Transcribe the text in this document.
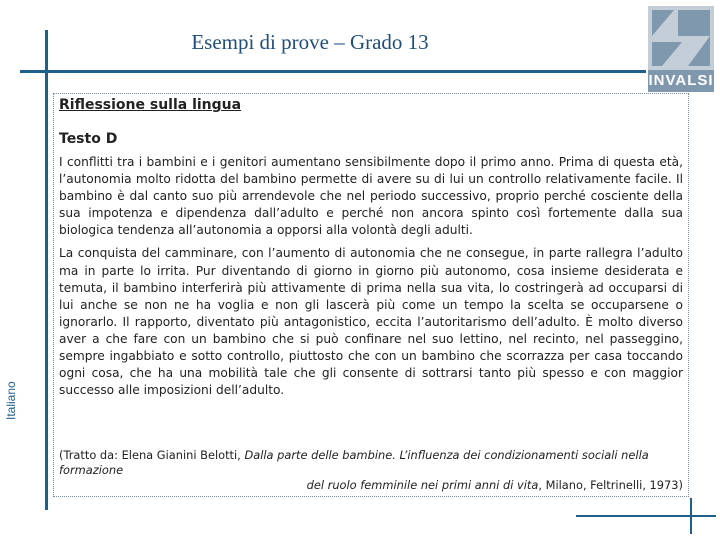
Italiano
Esempi di prove – Grado 13
INVALSI
Riflessione sulla lingua
Testo D

I conflitti tra i bambini e i genitori aumentano sensibilmente dopo il primo anno. Prima di questa età, l’autonomia molto ridotta del bambino permette di avere su di lui un controllo relativamente facile. Il bambino è dal canto suo più arrendevole che nel periodo successivo, proprio perché cosciente della sua impotenza e dipendenza dall’adulto e perché non ancora spinto così fortemente dalla sua biologica tendenza all’autonomia a opporsi alla volontà degli adulti.

La conquista del camminare, con l’aumento di autonomia che ne consegue, in parte rallegra l’adulto ma in parte lo irrita. Pur diventando di giorno in giorno più autonomo, cosa insieme desiderata e temuta, il bambino interferirà più attivamente di prima nella sua vita, lo costringerà ad occuparsi di lui anche se non ne ha voglia e non gli lascerà più come un tempo la scelta se occuparsene o ignorarlo. Il rapporto, diventato più antagonistico, eccita l’autoritarismo dell’adulto. È molto diverso aver a che fare con un bambino che si può confinare nel suo lettino, nel recinto, nel passeggino, sempre ingabbiato e sotto controllo, piuttosto che con un bambino che scorrazza per casa toccando ogni cosa, che ha una mobilità tale che gli consente di sottrarsi tanto più spesso e con maggior successo alle imposizioni dell’adulto.

(Tratto da: Elena Gianini Belotti, Dalla parte delle bambine. L’influenza dei condizionamenti sociali nella formazione
del ruolo femminile nei primi anni di vita, Milano, Feltrinelli, 1973)
